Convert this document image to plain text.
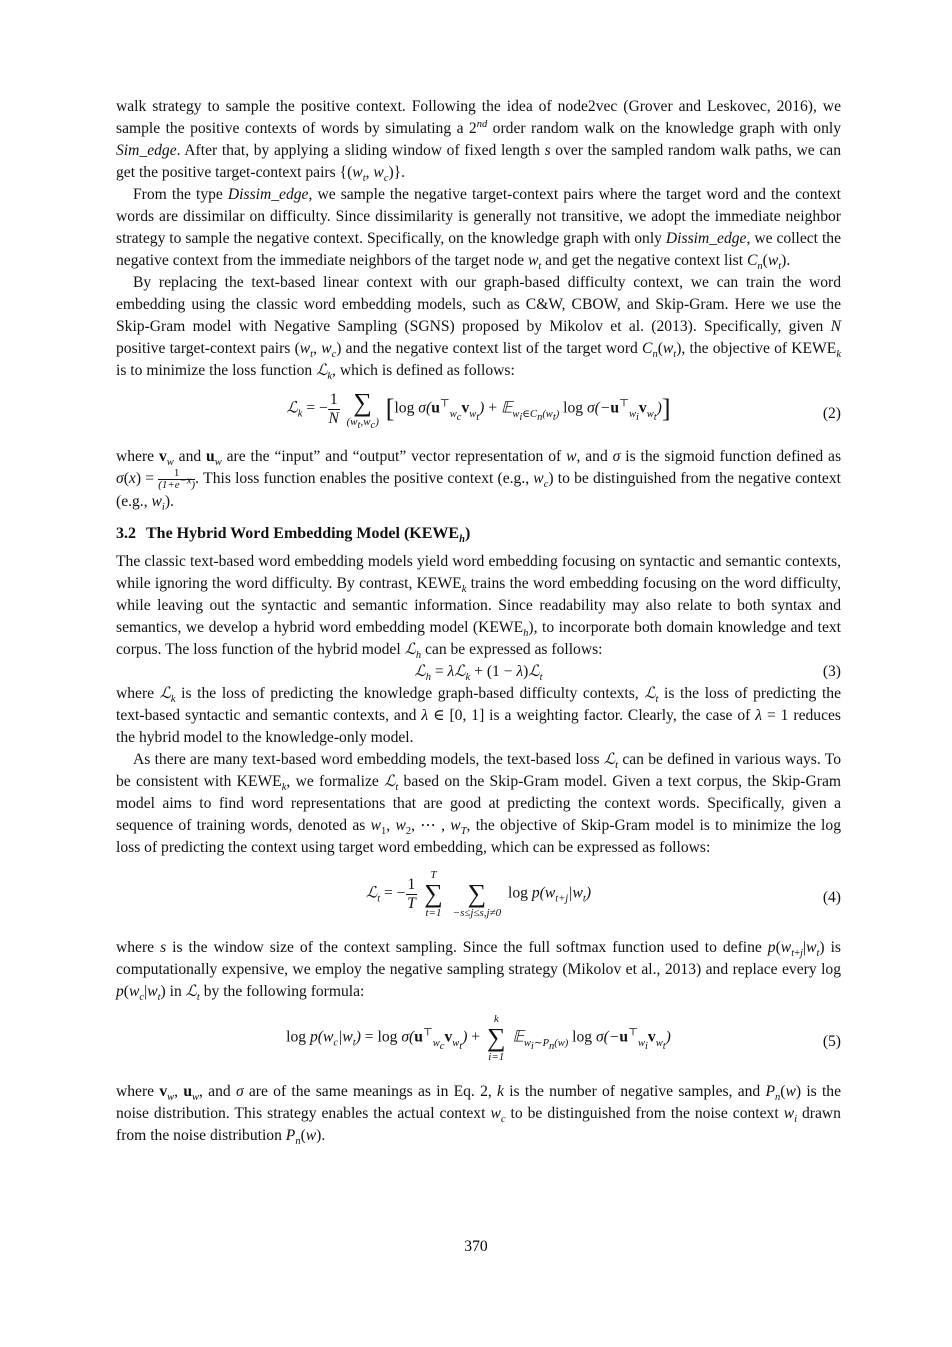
walk strategy to sample the positive context. Following the idea of node2vec (Grover and Leskovec, 2016), we sample the positive contexts of words by simulating a 2nd order random walk on the knowledge graph with only Sim_edge. After that, by applying a sliding window of fixed length s over the sampled random walk paths, we can get the positive target-context pairs {($w_t$, $w_c$)}.

From the type Dissim_edge, we sample the negative target-context pairs where the target word and the context words are dissimilar on difficulty. Since dissimilarity is generally not transitive, we adopt the immediate neighbor strategy to sample the negative context. Specifically, on the knowledge graph with only Dissim_edge, we collect the negative context from the immediate neighbors of the target node $w_t$ and get the negative context list $C_n(w_t)$.

By replacing the text-based linear context with our graph-based difficulty context, we can train the word embedding using the classic word embedding models, such as C&W, CBOW, and Skip-Gram. Here we use the Skip-Gram model with Negative Sampling (SGNS) proposed by Mikolov et al. (2013). Specifically, given N positive target-context pairs ($w_t$, $w_c$) and the negative context list of the target word $C_n(w_t)$, the objective of $KEWE_k$ is to minimize the loss function ℒ$_k$, which is defined as follows:

ℒ$_k$ = − $\frac{1}{N}$
∑
$(w_t,w_c)$ [log $\sigma(u^⊤_{w_c}v_{w_t})$ + 𝔼$_{w_i\in C_n(w_t)}$ $\log \sigma(-u^⊤_{w_i}v_{w_t})$]	(2)

where $v_w$ and $u_w$ are the “input” and “output” vector representation of w, and σ is the sigmoid function defined as $\sigma(x) = \frac{1}{(1+e^{-x})}$ . This loss function enables the positive context (e.g., $w_c$) to be distinguished from the negative context (e.g., $w_i$).

3.2 The Hybrid Word Embedding Model $(KEWE_h)$

The classic text-based word embedding models yield word embedding focusing on syntactic and semantic contexts, while ignoring the word difficulty. By contrast, $KEWE_k$ trains the word embedding focusing on the word difficulty, while leaving out the syntactic and semantic information. Since readability may also relate to both syntax and semantics, we develop a hybrid word embedding model $(KEWE_h)$, to incorporate both domain knowledge and text corpus. The loss function of the hybrid model ℒ$_h$ can be expressed as follows:

ℒ$_h$ = λℒ$_k$ + (1 − λ)ℒ$_t$	(3)

where ℒ$_k$ is the loss of predicting the knowledge graph-based difficulty contexts, ℒ$_t$ is the loss of predicting the text-based syntactic and semantic contexts, and λ ∈ [0, 1] is a weighting factor. Clearly, the case of λ = 1 reduces the hybrid model to the knowledge-only model.

As there are many text-based word embedding models, the text-based loss ℒ$_t$ can be defined in various ways. To be consistent with $KEWE_k$, we formalize ℒ$_t$ based on the Skip-Gram model. Given a text corpus, the Skip-Gram model aims to find word representations that are good at predicting the context words. Specifically, given a sequence of training words, denoted as $w_1$, $w_2$, ⋯ , $w_T$, the objective of Skip-Gram model is to minimize the log loss of predicting the context using target word embedding, which can be expressed as follows:

ℒ$_t$ = − $\frac{1}{T}$

T
∑
t=1

∑
−s≤j≤s,j≠0
$\log p(w_{t+j}|w_t)$	(4)

where s is the window size of the context sampling. Since the full softmax function used to define $p(w_{t+j}|w_t)$ is computationally expensive, we employ the negative sampling strategy (Mikolov et al., 2013) and replace every $\log p(w_c|w_t)$ in ℒ$_t$ by the following formula:

$\log p(w_c|w_t) = \log \sigma(u^⊤_{w_c}v_{w_t})$ +
k
∑
i=1
𝔼$_{w_i\sim P_n(w)}$ $\log \sigma(-u^⊤_{w_i}v_{w_t})$	(5)

where $v_w$, $u_w$, and σ are of the same meanings as in Eq. 2, k is the number of negative samples, and $P_n(w)$ is the noise distribution. This strategy enables the actual context $w_c$ to be distinguished from the noise context $w_i$ drawn from the noise distribution $P_n(w)$.

370
